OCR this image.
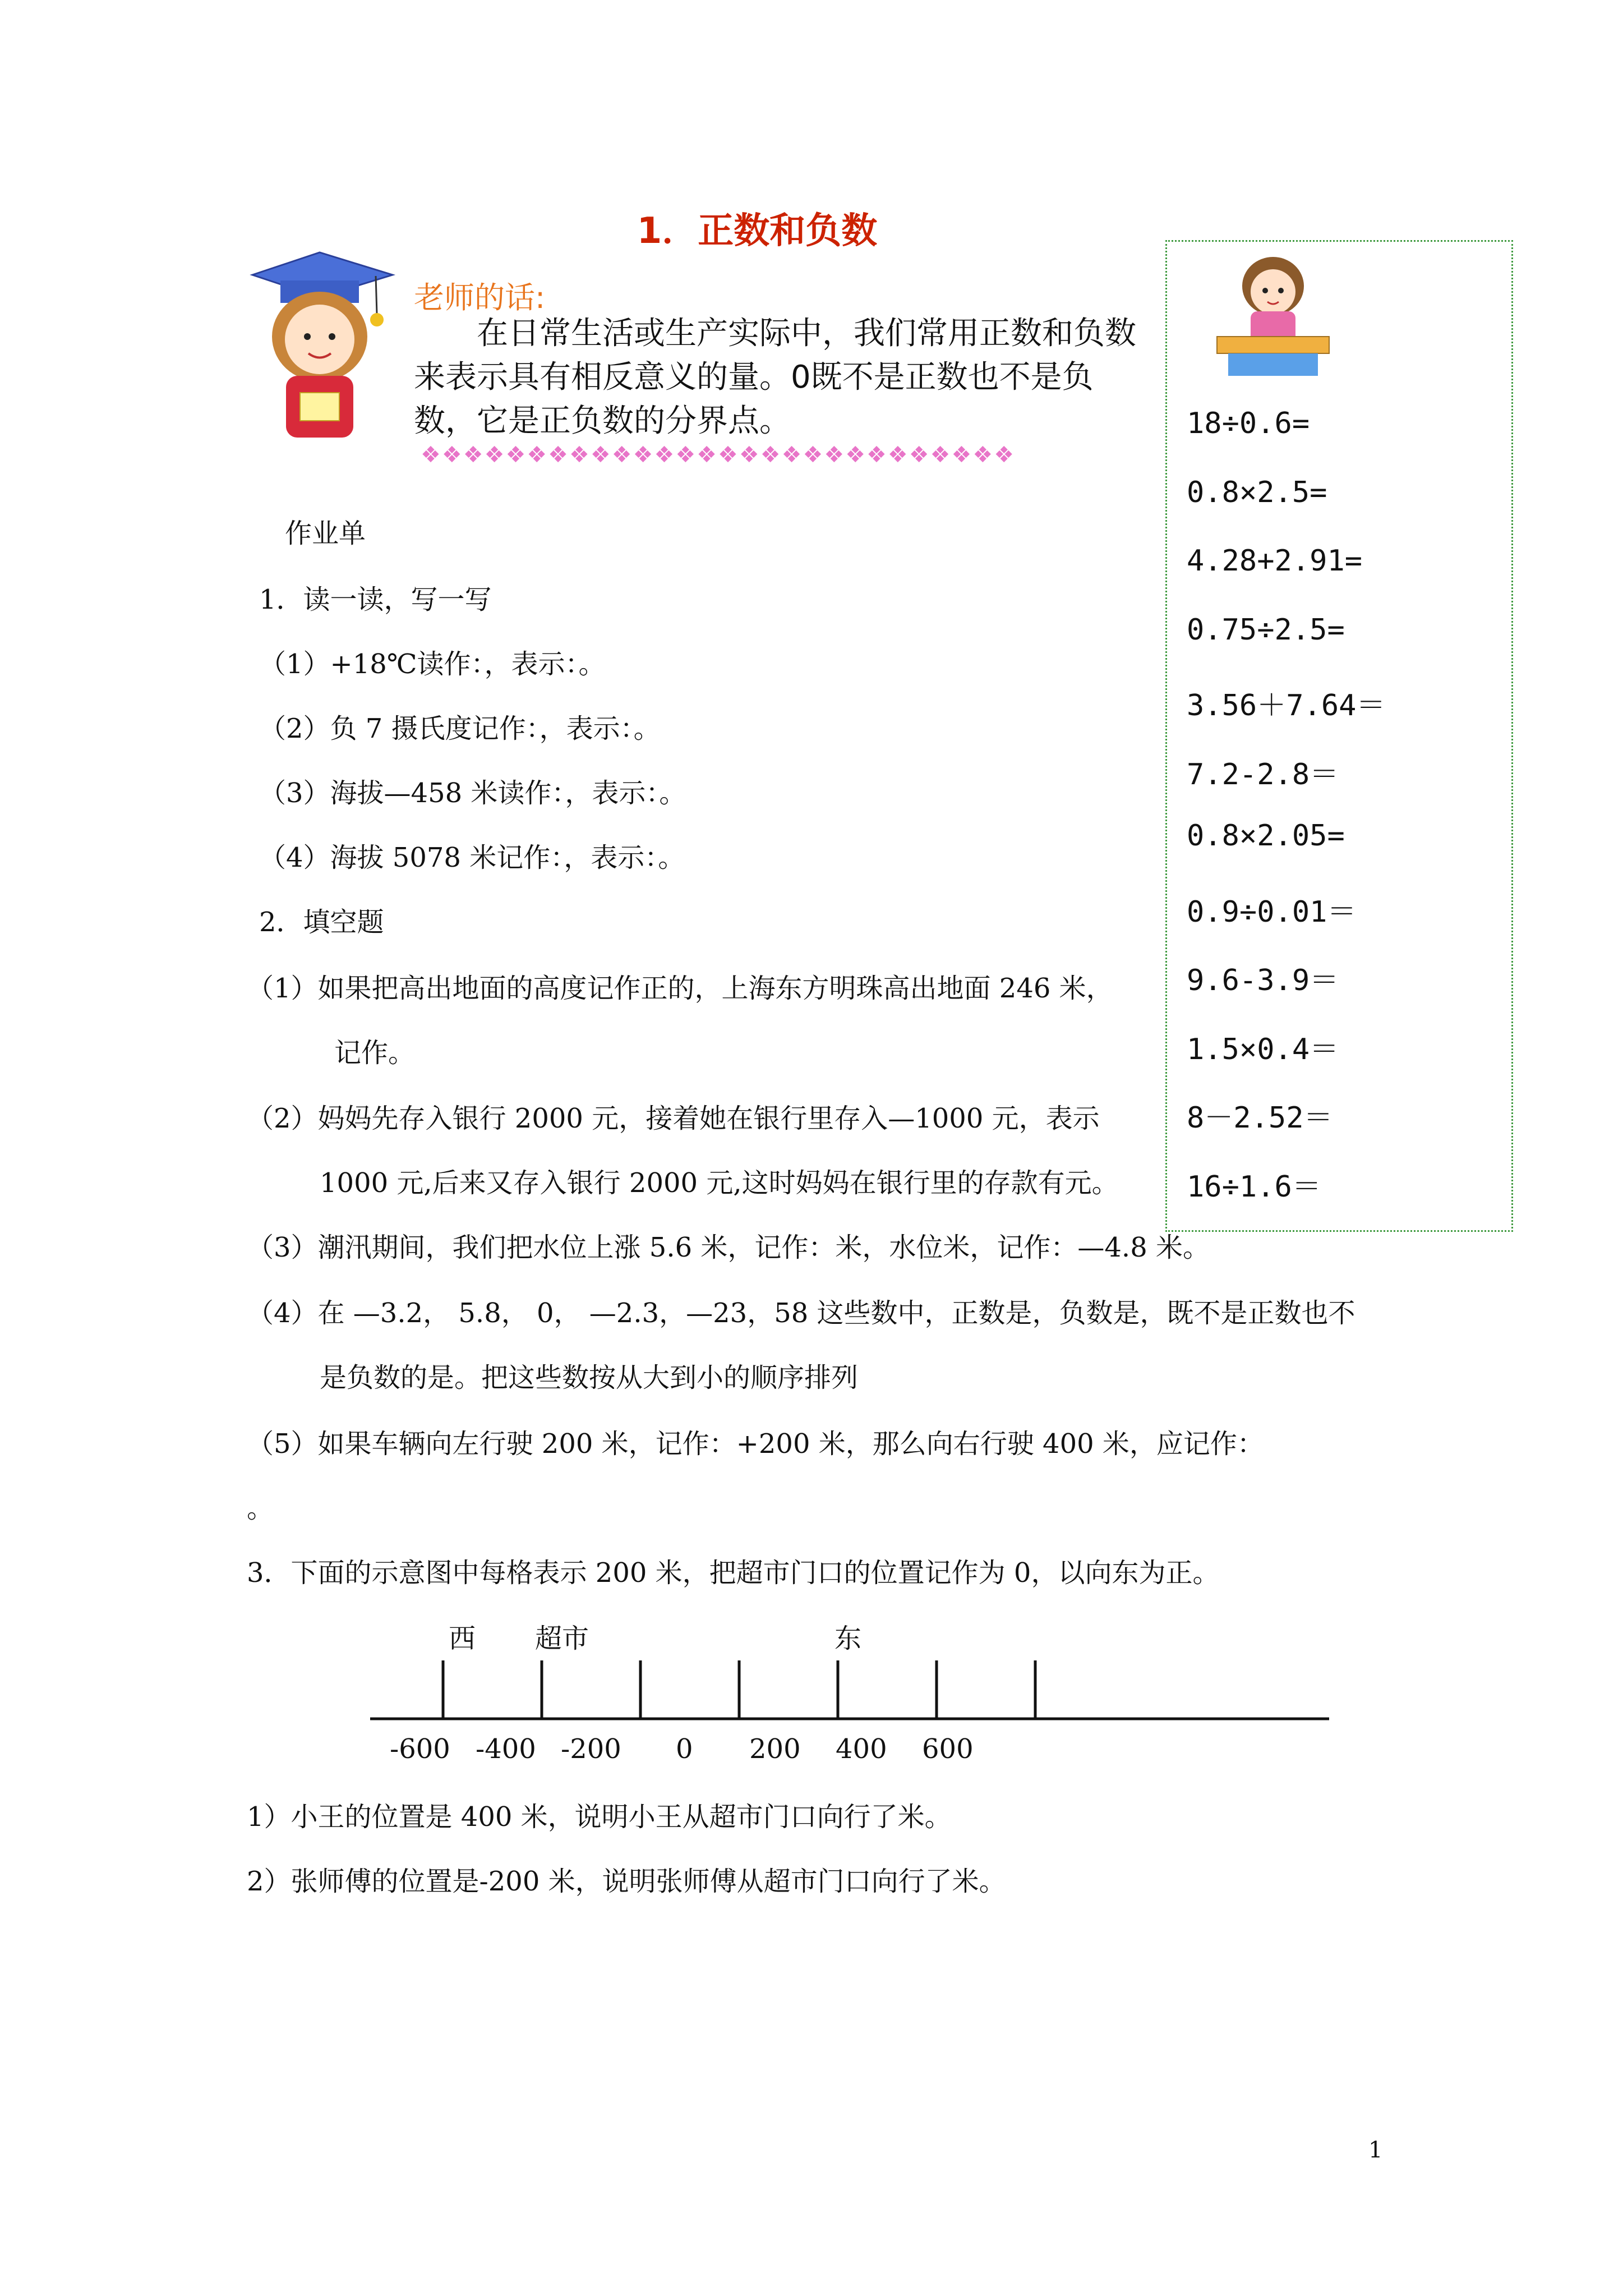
1．正数和负数
老师的话:
在日常生活或生产实际中，我们常用正数和负数来表示具有相反意义的量。0既不是正数也不是负数，它是正负数的分界点。
❖❖❖❖❖❖❖❖❖❖❖❖❖❖❖❖❖❖❖❖❖❖❖❖❖❖❖❖
18÷0.6=
0.8×2.5=
4.28+2.91=
0.75÷2.5=
3.56＋7.64＝
7.2-2.8＝
0.8×2.05=
0.9÷0.01＝
9.6-3.9＝
1.5×0.4＝
8－2.52＝
16÷1.6＝
作业单
1．读一读，写一写
（1）+18℃读作：，表示：。
（2）负 7 摄氏度记作：，表示：。
（3）海拔—458 米读作：，表示：。
（4）海拔 5078 米记作：，表示：。
2．填空题
（1）如果把高出地面的高度记作正的，上海东方明珠高出地面 246 米，
记作。
（2）妈妈先存入银行 2000 元，接着她在银行里存入—1000 元，表示
1000 元,后来又存入银行 2000 元,这时妈妈在银行里的存款有元。
（3）潮汛期间，我们把水位上涨 5.6 米，记作：米，水位米，记作：—4.8 米。
（4）在 —3.2， 5.8， 0， —2.3，—23，58 这些数中，正数是，负数是，既不是正数也不
是负数的是。把这些数按从大到小的顺序排列
（5）如果车辆向左行驶 200 米，记作：+200 米，那么向右行驶 400 米，应记作：
。
3．下面的示意图中每格表示 200 米，把超市门口的位置记作为 0，以向东为正。
西 超市	东
-600 -400 -200 0 200 400 600
1）小王的位置是 400 米，说明小王从超市门口向行了米。
2）张师傅的位置是-200 米，说明张师傅从超市门口向行了米。
1
